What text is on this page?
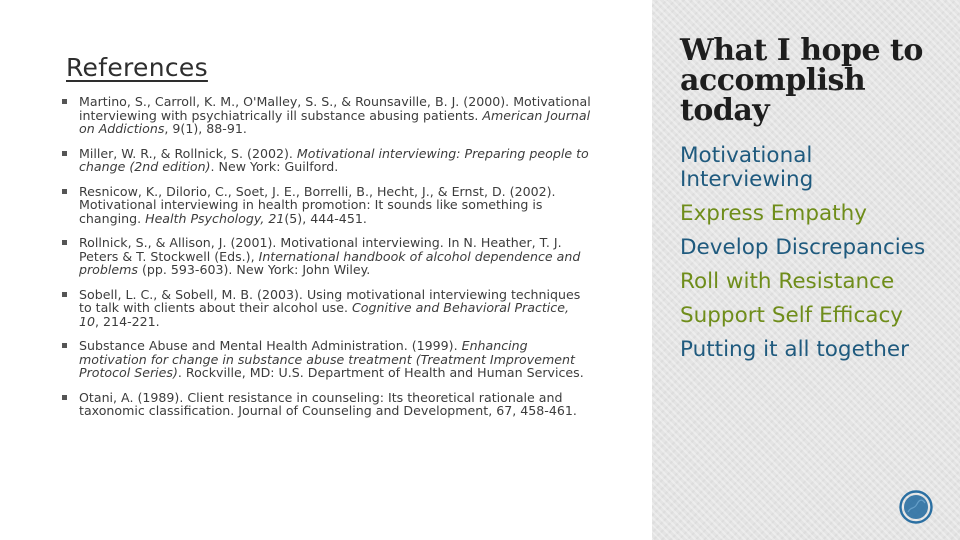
References
Martino, S., Carroll, K. M., O'Malley, S. S., & Rounsaville, B. J. (2000). Motivational interviewing with psychiatrically ill substance abusing patients. American Journal on Addictions, 9(1), 88-91.
Miller, W. R., & Rollnick, S. (2002). Motivational interviewing: Preparing people to change (2nd edition). New York: Guilford.
Resnicow, K., Dilorio, C., Soet, J. E., Borrelli, B., Hecht, J., & Ernst, D. (2002). Motivational interviewing in health promotion: It sounds like something is changing. Health Psychology, 21(5), 444-451.
Rollnick, S., & Allison, J. (2001). Motivational interviewing. In N. Heather, T. J. Peters & T. Stockwell (Eds.), International handbook of alcohol dependence and problems (pp. 593-603). New York: John Wiley.
Sobell, L. C., & Sobell, M. B. (2003). Using motivational interviewing techniques to talk with clients about their alcohol use. Cognitive and Behavioral Practice, 10, 214-221.
Substance Abuse and Mental Health Administration. (1999). Enhancing motivation for change in substance abuse treatment (Treatment Improvement Protocol Series). Rockville, MD: U.S. Department of Health and Human Services.
Otani, A. (1989). Client resistance in counseling: Its theoretical rationale and taxonomic classification. Journal of Counseling and Development, 67, 458-461.
What I hope to accomplish today
Motivational Interviewing
Express Empathy
Develop Discrepancies
Roll with Resistance
Support Self Efficacy
Putting it all together
